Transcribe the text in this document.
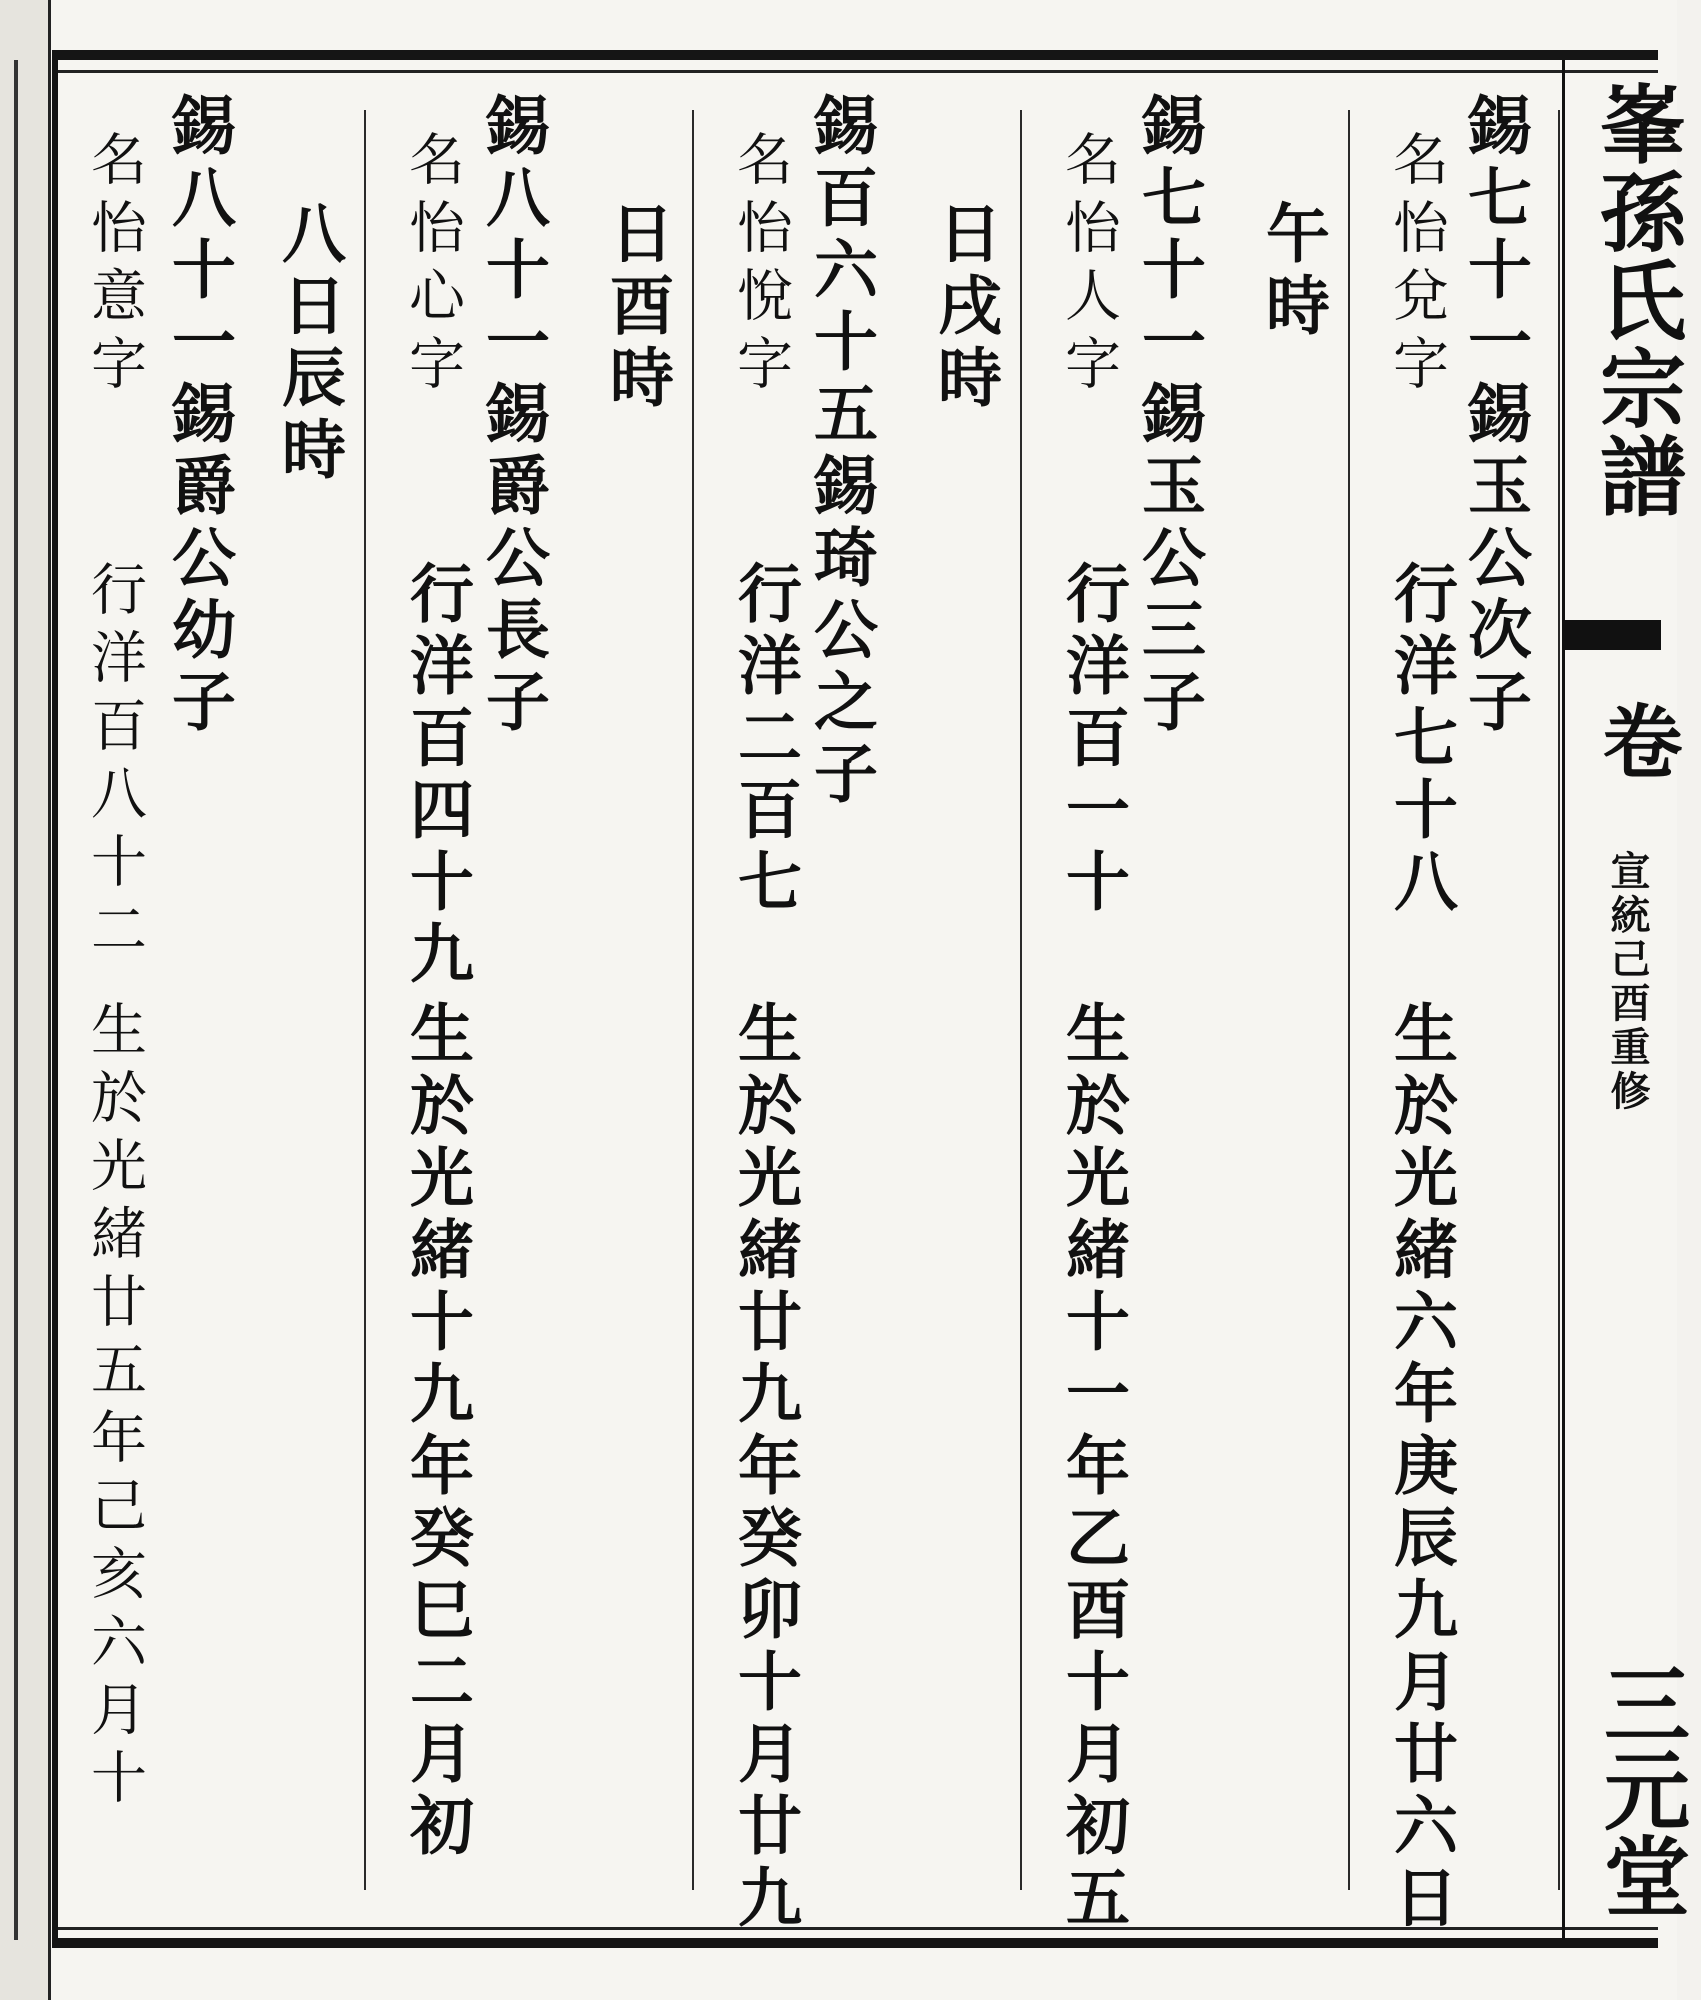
峯孫氏宗譜
卷
宣統己酉重修
三元堂
錫七十一錫玉公次子
名怡兌字
行洋七十八
生於光緒六年庚辰九月廿六日
午時
錫七十一錫玉公三子
名怡人字
行洋百一十
生於光緒十一年乙酉十月初五
日戌時
錫百六十五錫琦公之子
名怡悅字
行洋二百七
生於光緒廿九年癸卯十月廿九
日酉時
錫八十一錫爵公長子
名怡心字
行洋百四十九
生於光緒十九年癸巳二月初
八日辰時
錫八十一錫爵公幼子
名怡意字
行洋百八十二
生於光緒廿五年己亥六月十
